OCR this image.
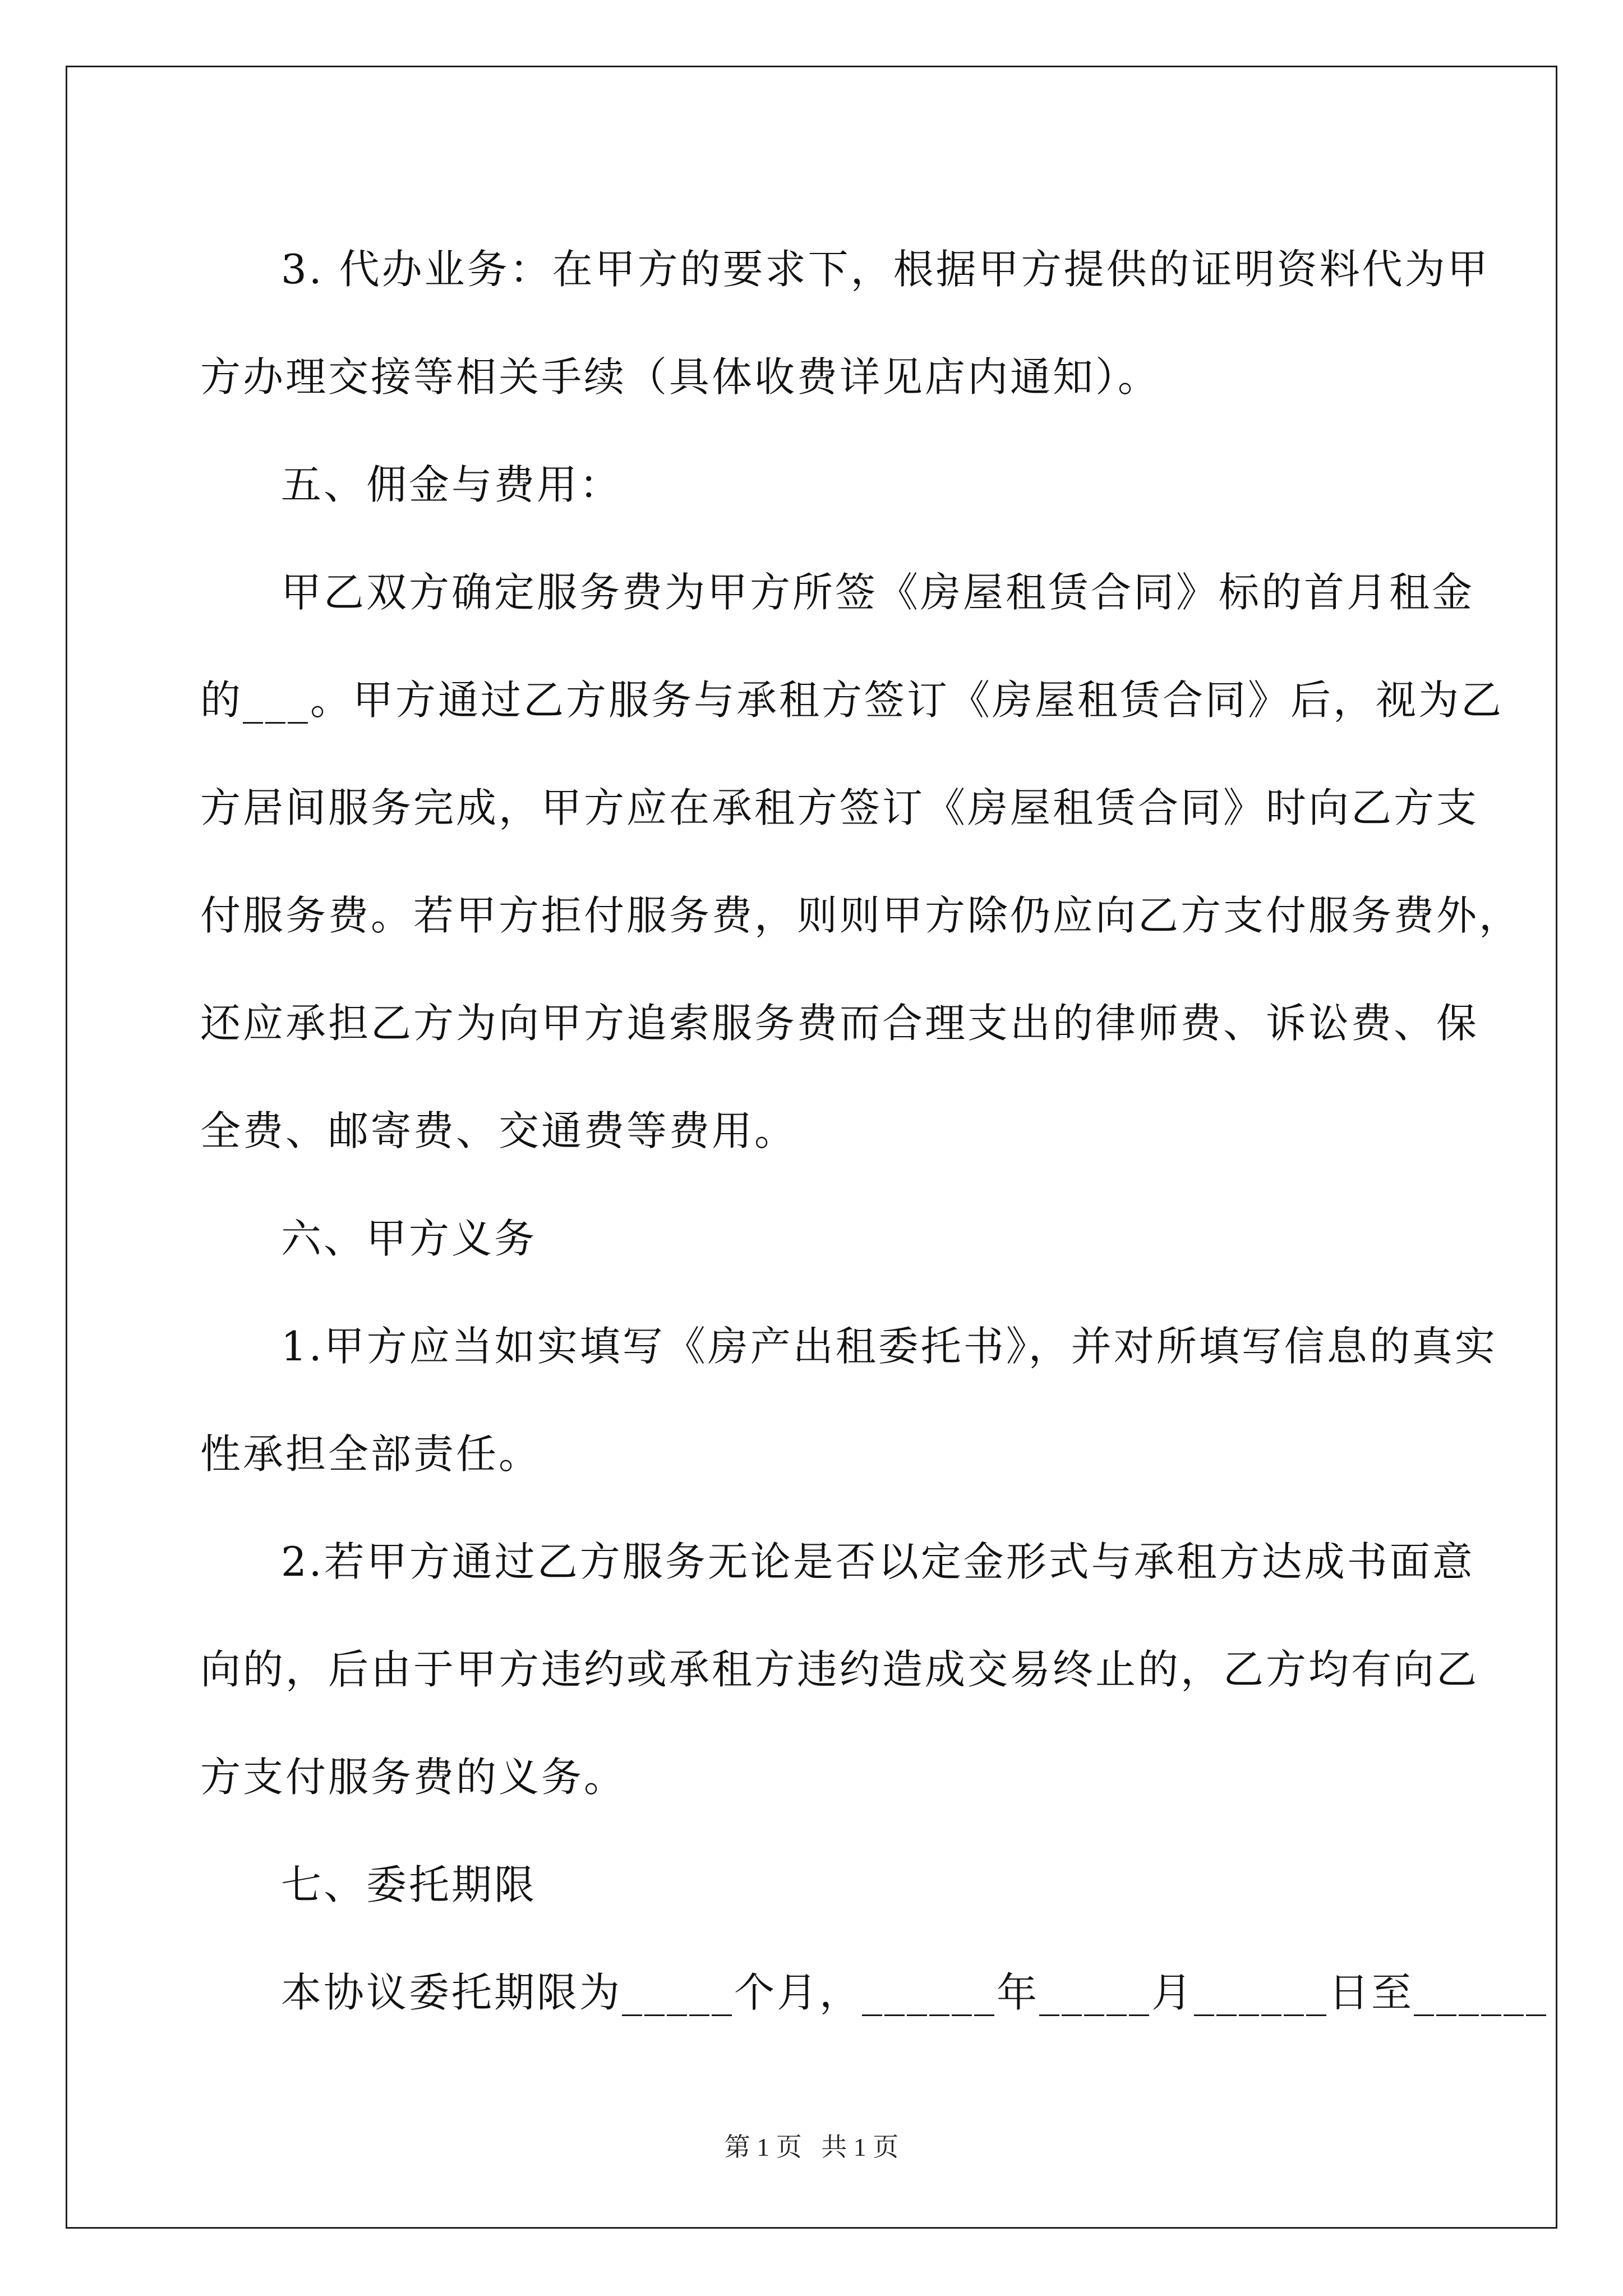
3. 代办业务：在甲方的要求下，根据甲方提供的证明资料代为甲
方办理交接等相关手续（具体收费详见店内通知）。
五、佣金与费用：
甲乙双方确定服务费为甲方所签《房屋租赁合同》标的首月租金
的___。甲方通过乙方服务与承租方签订《房屋租赁合同》后，视为乙
方居间服务完成，甲方应在承租方签订《房屋租赁合同》时向乙方支
付服务费。若甲方拒付服务费，则则甲方除仍应向乙方支付服务费外，
还应承担乙方为向甲方追索服务费而合理支出的律师费、诉讼费、保
全费、邮寄费、交通费等费用。
六、甲方义务
1.甲方应当如实填写《房产出租委托书》，并对所填写信息的真实
性承担全部责任。
2.若甲方通过乙方服务无论是否以定金形式与承租方达成书面意
向的，后由于甲方违约或承租方违约造成交易终止的，乙方均有向乙
方支付服务费的义务。
七、委托期限
本协议委托期限为_____个月，______年_____月______日至______
第 1 页   共 1 页
